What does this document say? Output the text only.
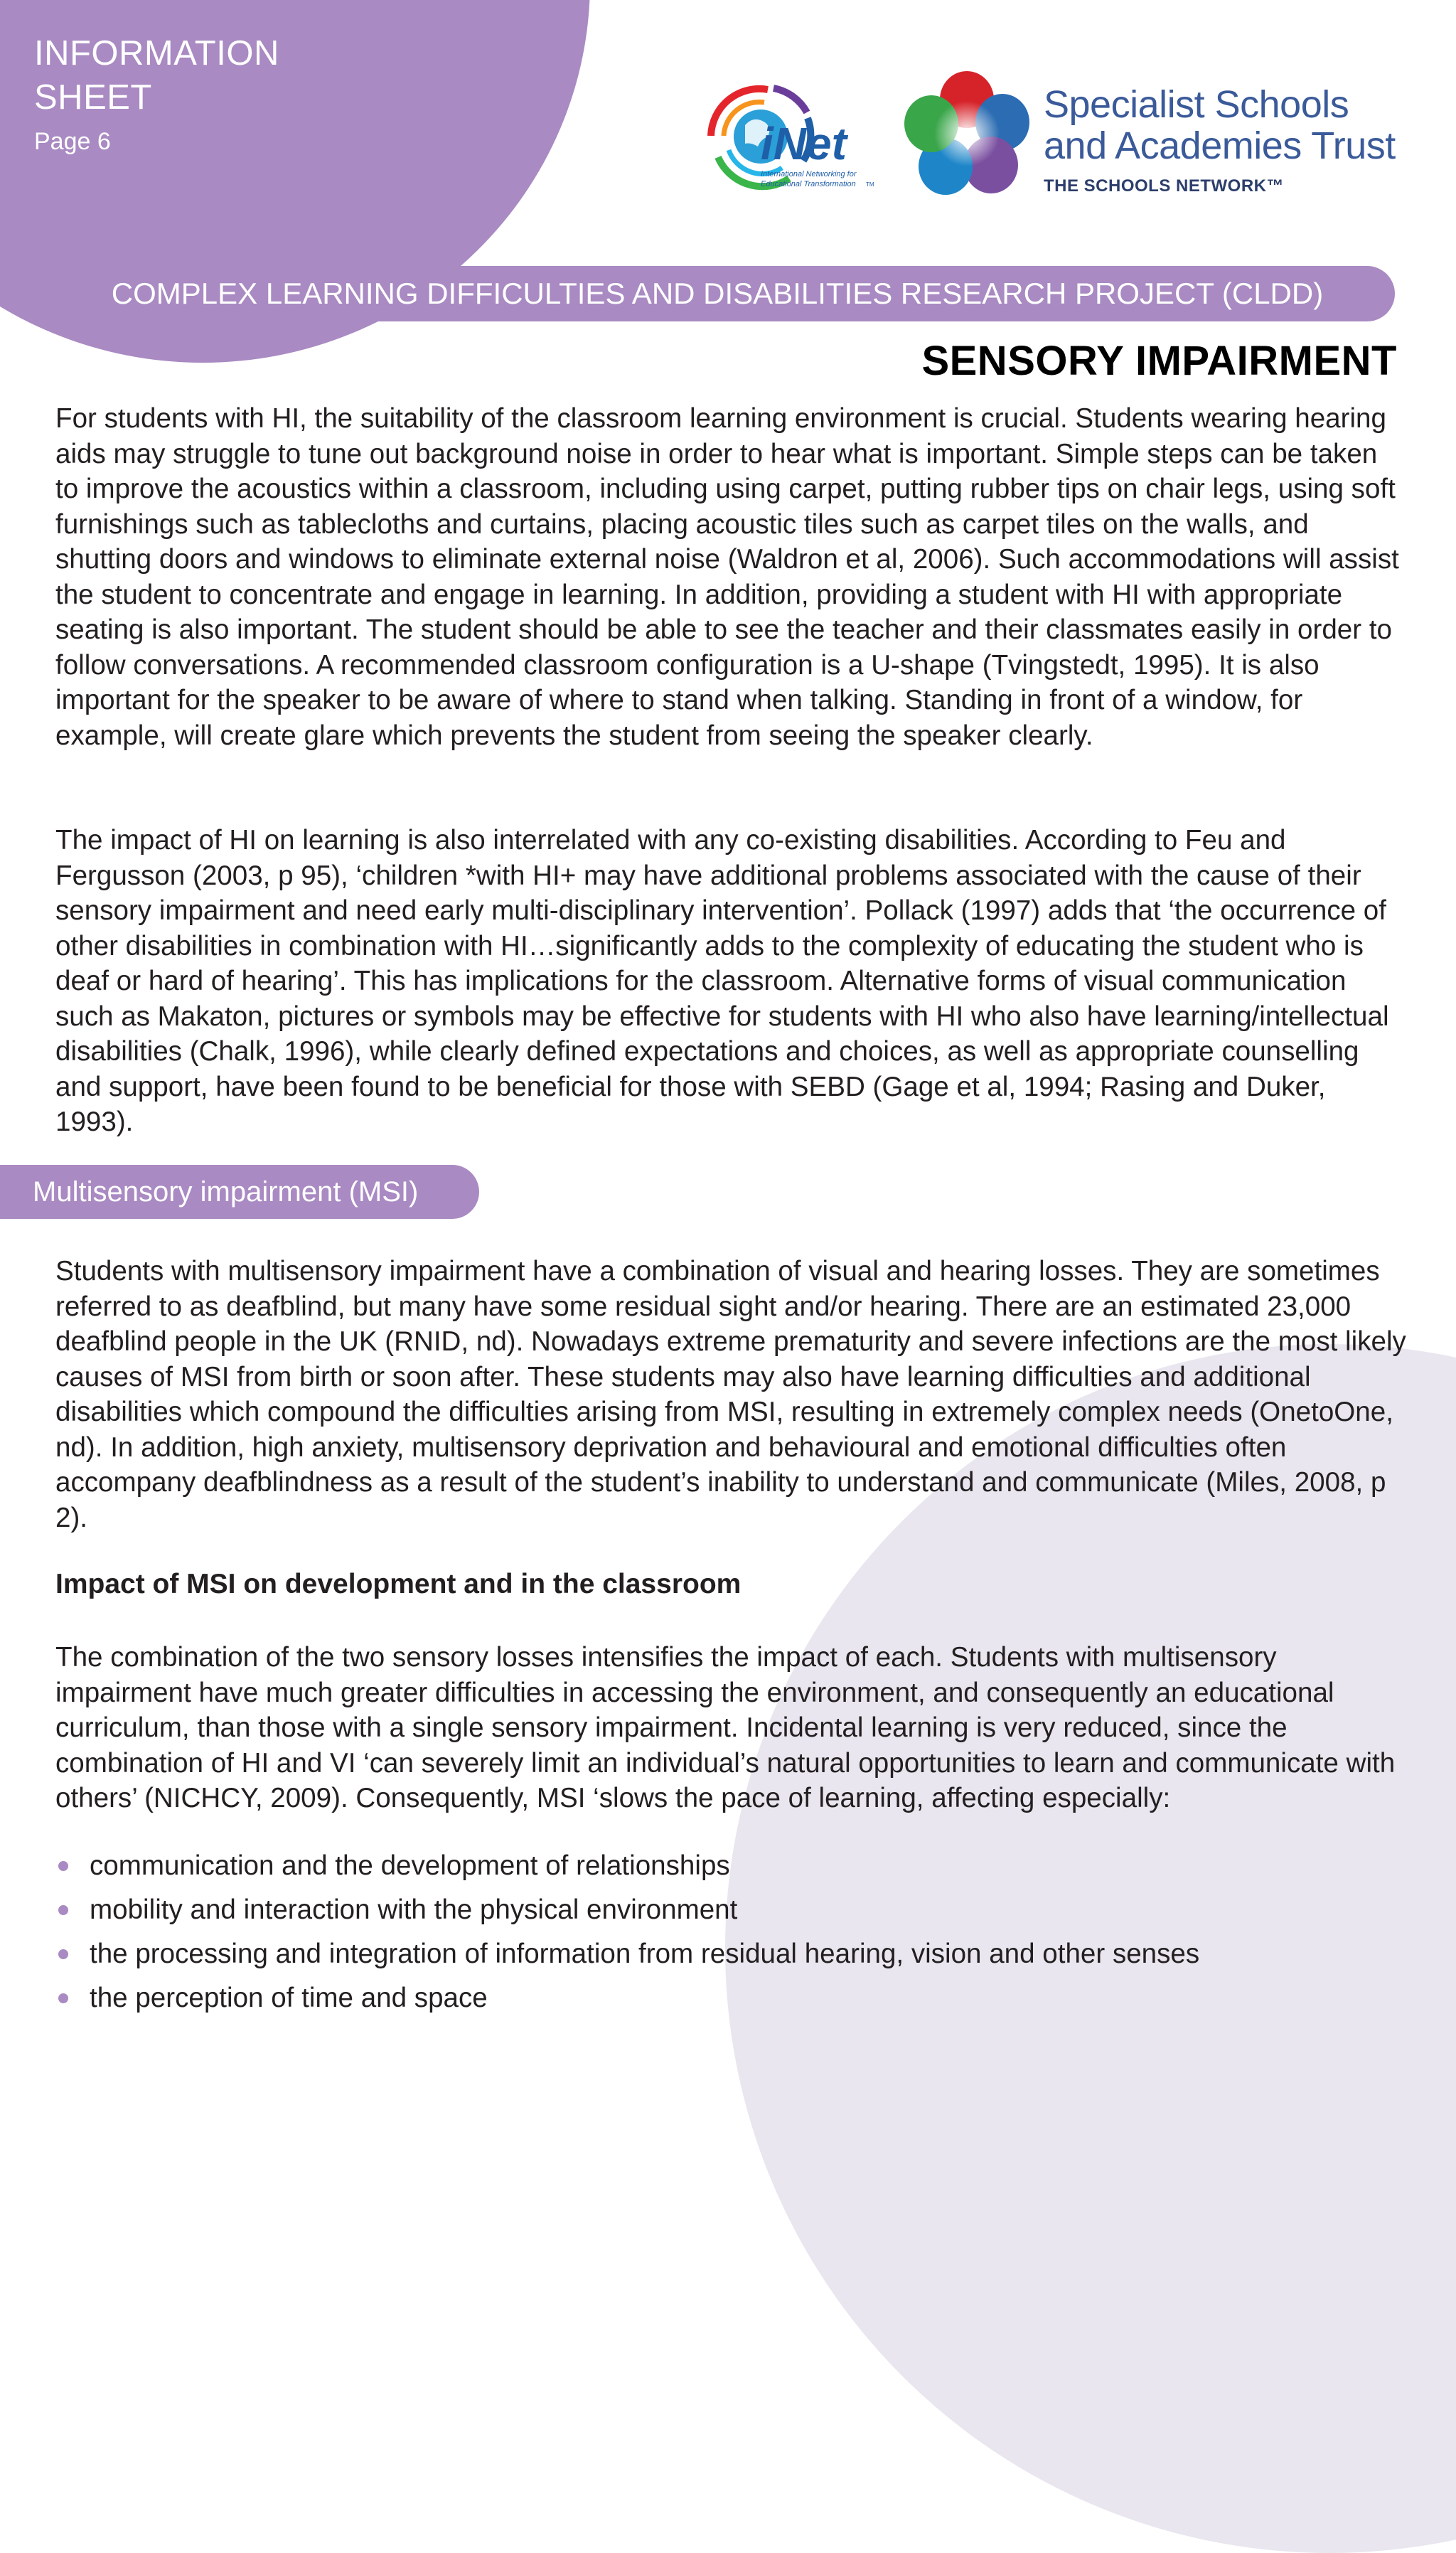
INFORMATION
SHEET
Page 6	iNet
International Networking for
Educational Transformation TM
Specialist Schools
and Academies Trust
THE SCHOOLS NETWORK™
COMPLEX LEARNING DIFFICULTIES AND DISABILITIES RESEARCH PROJECT (CLDD)
SENSORY IMPAIRMENT

For students with HI, the suitability of the classroom learning environment is crucial. Students wearing hearing aids may struggle to tune out background noise in order to hear what is important. Simple steps can be taken to improve the acoustics within a classroom, including using carpet, putting rubber tips on chair legs, using soft furnishings such as tablecloths and curtains, placing acoustic tiles such as carpet tiles on the walls, and shutting doors and windows to eliminate external noise (Waldron et al, 2006). Such accommodations will assist the student to concentrate and engage in learning. In addition, providing a student with HI with appropriate seating is also important. The student should be able to see the teacher and their classmates easily in order to follow conversations. A recommended classroom configuration is a U-shape (Tvingstedt, 1995). It is also important for the speaker to be aware of where to stand when talking. Standing in front of a window, for example, will create glare which prevents the student from seeing the speaker clearly.

The impact of HI on learning is also interrelated with any co-existing disabilities. According to Feu and Fergusson (2003, p 95), ‘children *with HI+ may have additional problems associated with the cause of their sensory impairment and need early multi-disciplinary intervention’. Pollack (1997) adds that ‘the occurrence of other disabilities in combination with HI…significantly adds to the complexity of educating the student who is deaf or hard of hearing’. This has implications for the classroom. Alternative forms of visual communication such as Makaton, pictures or symbols may be effective for students with HI who also have learning/intellectual disabilities (Chalk, 1996), while clearly defined expectations and choices, as well as appropriate counselling and support, have been found to be beneficial for those with SEBD (Gage et al, 1994; Rasing and Duker, 1993).

Multisensory impairment (MSI)

Students with multisensory impairment have a combination of visual and hearing losses. They are sometimes referred to as deafblind, but many have some residual sight and/or hearing. There are an estimated 23,000 deafblind people in the UK (RNID, nd). Nowadays extreme prematurity and severe infections are the most likely causes of MSI from birth or soon after. These students may also have learning difficulties and additional disabilities which compound the difficulties arising from MSI, resulting in extremely complex needs (OnetoOne, nd). In addition, high anxiety, multisensory deprivation and behavioural and emotional difficulties often accompany deafblindness as a result of the student’s inability to understand and communicate (Miles, 2008, p 2).

Impact of MSI on development and in the classroom

The combination of the two sensory losses intensifies the impact of each. Students with multisensory impairment have much greater difficulties in accessing the environment, and consequently an educational curriculum, than those with a single sensory impairment. Incidental learning is very reduced, since the combination of HI and VI ‘can severely limit an individual’s natural opportunities to learn and communicate with others’ (NICHCY, 2009). Consequently, MSI ‘slows the pace of learning, affecting especially:

communication and the development of relationships
mobility and interaction with the physical environment
the processing and integration of information from residual hearing, vision and other senses
the perception of time and space
